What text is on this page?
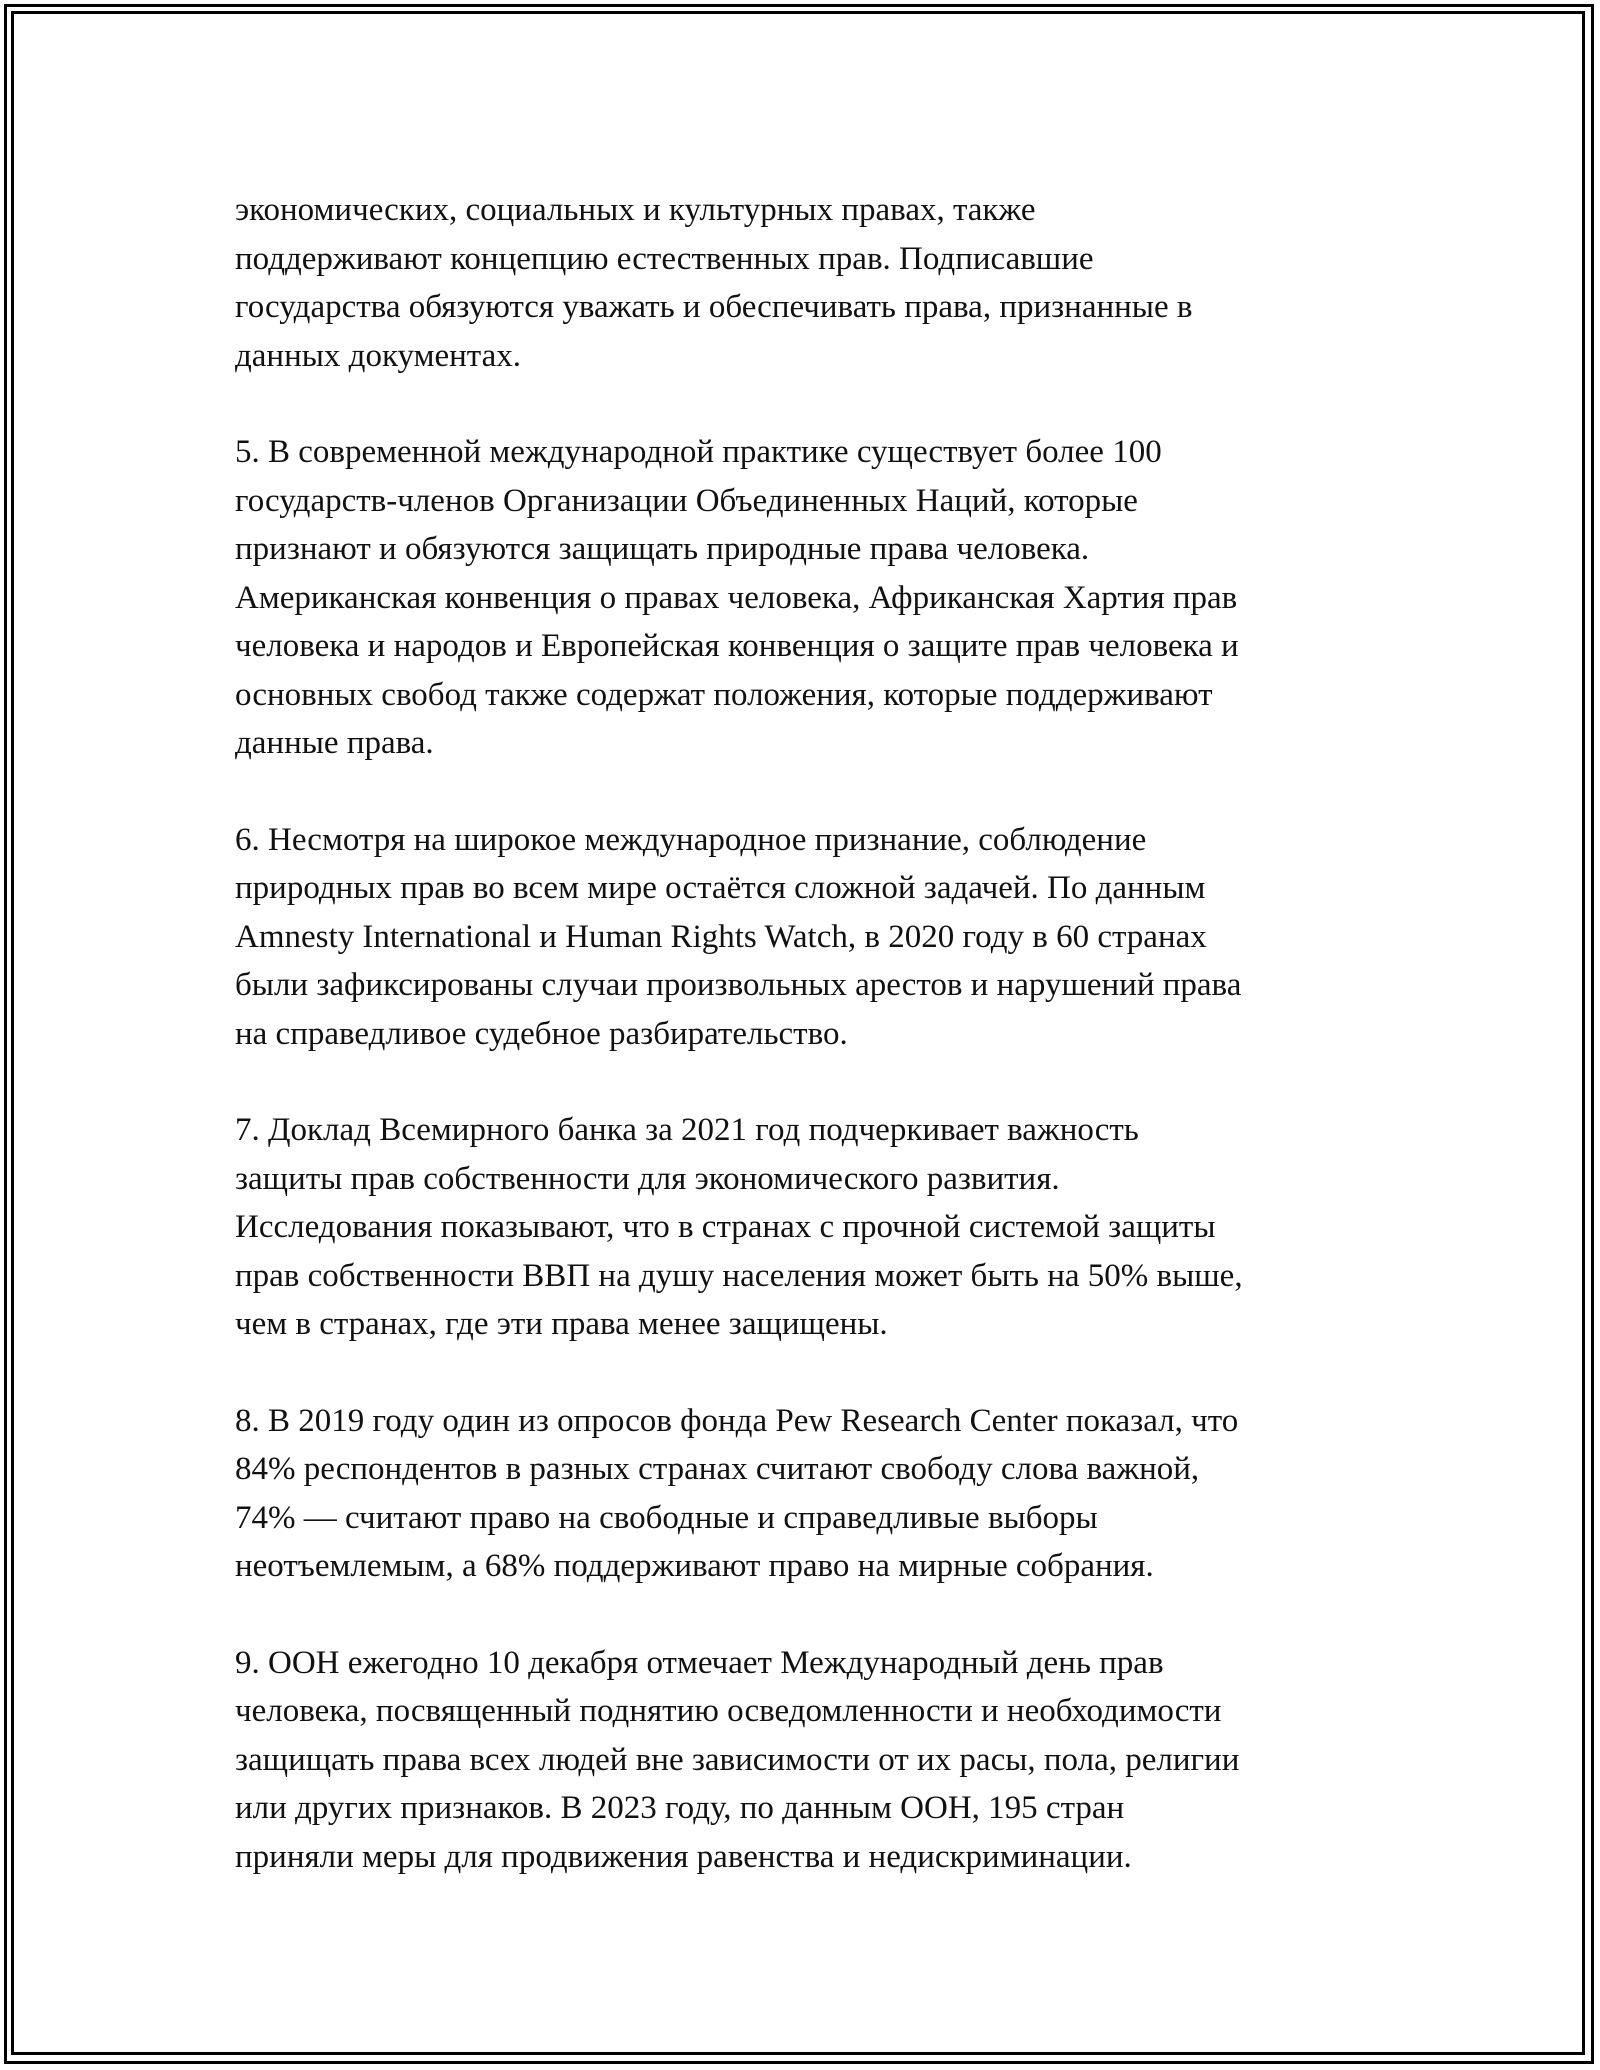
экономических, социальных и культурных правах, также
поддерживают концепцию естественных прав. Подписавшие
государства обязуются уважать и обеспечивать права, признанные в
данных документах.

5. В современной международной практике существует более 100
государств-членов Организации Объединенных Наций, которые
признают и обязуются защищать природные права человека.
Американская конвенция о правах человека, Африканская Хартия прав
человека и народов и Европейская конвенция о защите прав человека и
основных свобод также содержат положения, которые поддерживают
данные права.

6. Несмотря на широкое международное признание, соблюдение
природных прав во всем мире остаётся сложной задачей. По данным
Amnesty International и Human Rights Watch, в 2020 году в 60 странах
были зафиксированы случаи произвольных арестов и нарушений права
на справедливое судебное разбирательство.

7. Доклад Всемирного банка за 2021 год подчеркивает важность
защиты прав собственности для экономического развития.
Исследования показывают, что в странах с прочной системой защиты
прав собственности ВВП на душу населения может быть на 50% выше,
чем в странах, где эти права менее защищены.

8. В 2019 году один из опросов фонда Pew Research Center показал, что
84% респондентов в разных странах считают свободу слова важной,
74% — считают право на свободные и справедливые выборы
неотъемлемым, а 68% поддерживают право на мирные собрания.

9. ООН ежегодно 10 декабря отмечает Международный день прав
человека, посвященный поднятию осведомленности и необходимости
защищать права всех людей вне зависимости от их расы, пола, религии
или других признаков. В 2023 году, по данным ООН, 195 стран
приняли меры для продвижения равенства и недискриминации.
